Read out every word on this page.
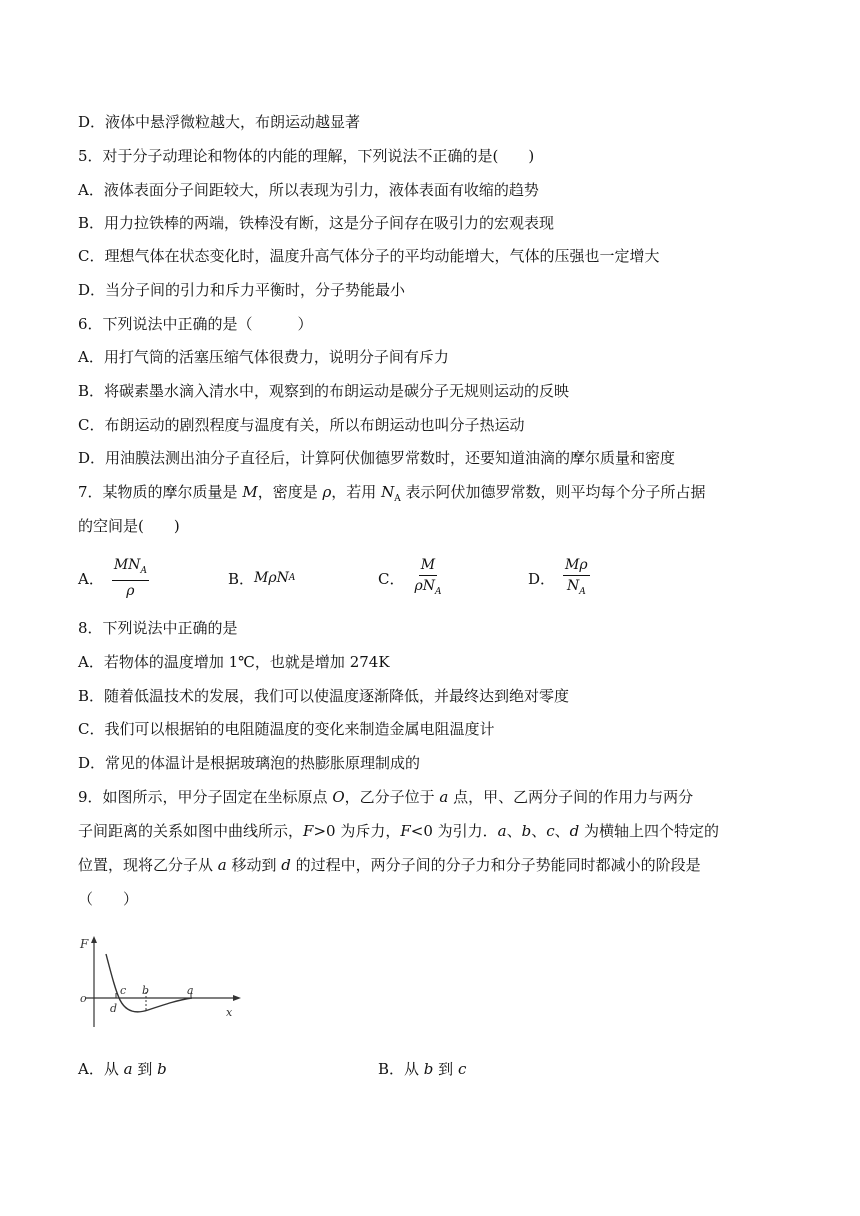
D．液体中悬浮微粒越大，布朗运动越显著
5．对于分子动理论和物体的内能的理解，下列说法不正确的是(　　)
A．液体表面分子间距较大，所以表现为引力，液体表面有收缩的趋势
B．用力拉铁棒的两端，铁棒没有断，这是分子间存在吸引力的宏观表现
C．理想气体在状态变化时，温度升高气体分子的平均动能增大，气体的压强也一定增大
D．当分子间的引力和斥力平衡时，分子势能最小
6．下列说法中正确的是（　　　）
A．用打气筒的活塞压缩气体很费力，说明分子间有斥力
B．将碳素墨水滴入清水中，观察到的布朗运动是碳分子无规则运动的反映
C．布朗运动的剧烈程度与温度有关，所以布朗运动也叫分子热运动
D．用油膜法测出油分子直径后，计算阿伏伽德罗常数时，还要知道油滴的摩尔质量和密度
7．某物质的摩尔质量是 M，密度是 ρ，若用 $N_A$ 表示阿伏加德罗常数，则平均每个分子所占据
的空间是(　　)
A． $\frac{MN_A}{\rho}$	B． MρN A	C． $\frac{M}{\rho N_A}$	D． $\frac{M\rho}{N_A}$
8．下列说法中正确的是
A．若物体的温度增加 1℃，也就是增加 274K
B．随着低温技术的发展，我们可以使温度逐渐降低，并最终达到绝对零度
C．我们可以根据铂的电阻随温度的变化来制造金属电阻温度计
D．常见的体温计是根据玻璃泡的热膨胀原理制成的
9．如图所示，甲分子固定在坐标原点 O，乙分子位于 a 点，甲、乙两分子间的作用力与两分
子间距离的关系如图中曲线所示，F>0 为斥力，F<0 为引力．a、b、c、d 为横轴上四个特定的
位置，现将乙分子从 a 移动到 d 的过程中，两分子间的分子力和分子势能同时都减小的阶段是
（　　）
F
o
x
c b	a
d
A．从 a 到 b	B．从 b 到 c
